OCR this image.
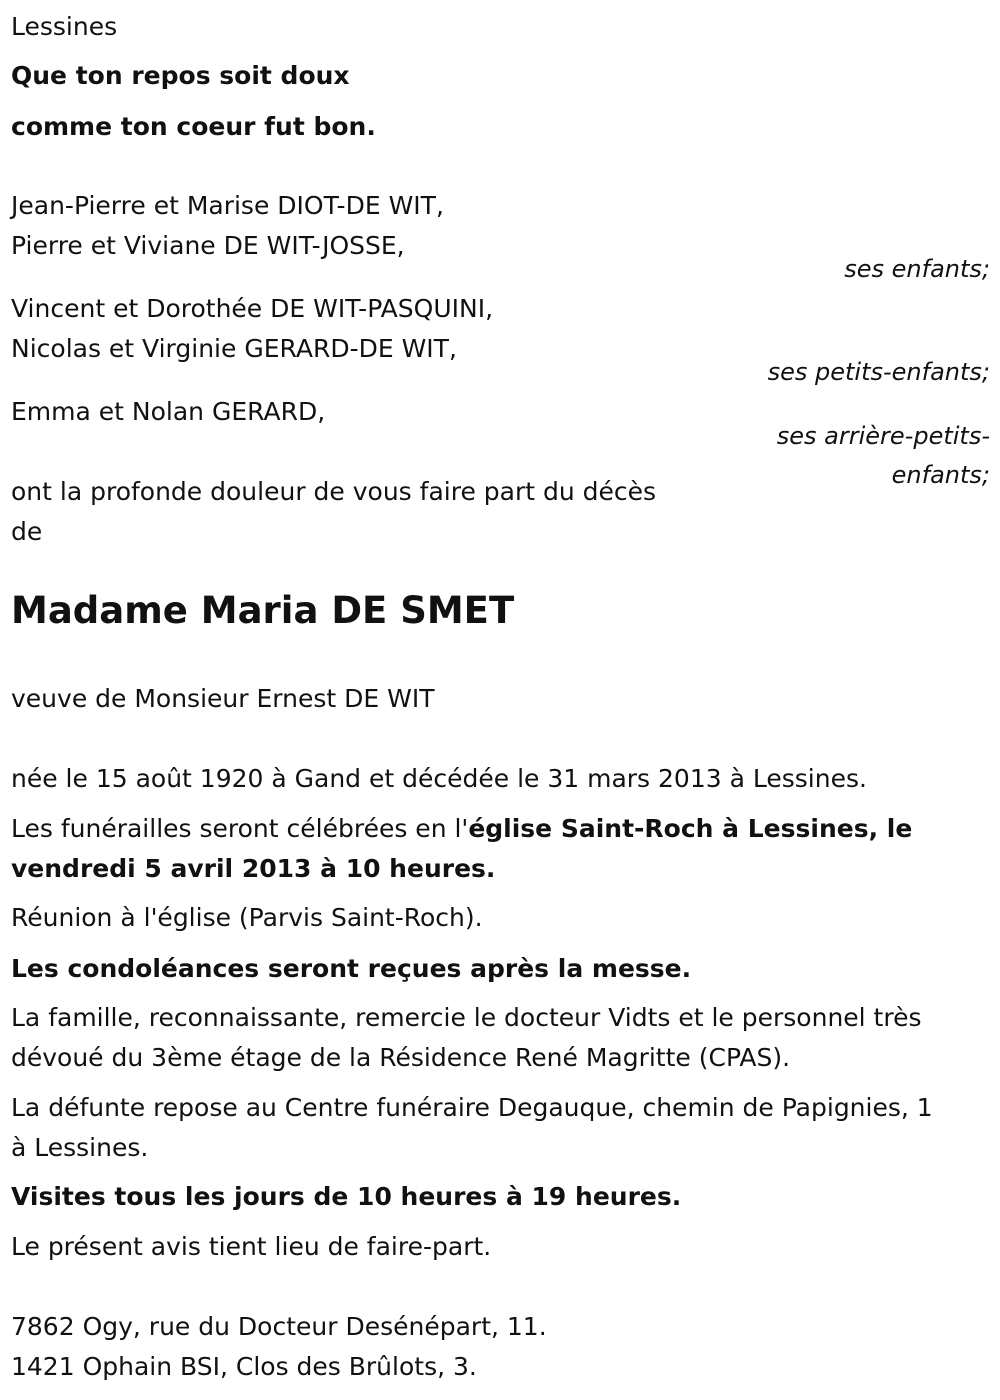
Lessines
Que ton repos soit doux
comme ton coeur fut bon.
Jean-Pierre et Marise DIOT-DE WIT,
Pierre et Viviane DE WIT-JOSSE,
ses enfants;
Vincent et Dorothée DE WIT-PASQUINI,
Nicolas et Virginie GERARD-DE WIT,
ses petits-enfants;
Emma et Nolan GERARD,
ses arrière-petits-
enfants;
ont la profonde douleur de vous faire part du décès
de
Madame Maria DE SMET
veuve de Monsieur Ernest DE WIT
née le 15 août 1920 à Gand et décédée le 31 mars 2013 à Lessines.
Les funérailles seront célébrées en l'église Saint-Roch à Lessines, le
vendredi 5 avril 2013 à 10 heures.
Réunion à l'église (Parvis Saint-Roch).
Les condoléances seront reçues après la messe.
La famille, reconnaissante, remercie le docteur Vidts et le personnel très
dévoué du 3ème étage de la Résidence René Magritte (CPAS).
La défunte repose au Centre funéraire Degauque, chemin de Papignies, 1
à Lessines.
Visites tous les jours de 10 heures à 19 heures.
Le présent avis tient lieu de faire-part.
7862 Ogy, rue du Docteur Desénépart, 11.
1421 Ophain BSI, Clos des Brûlots, 3.
